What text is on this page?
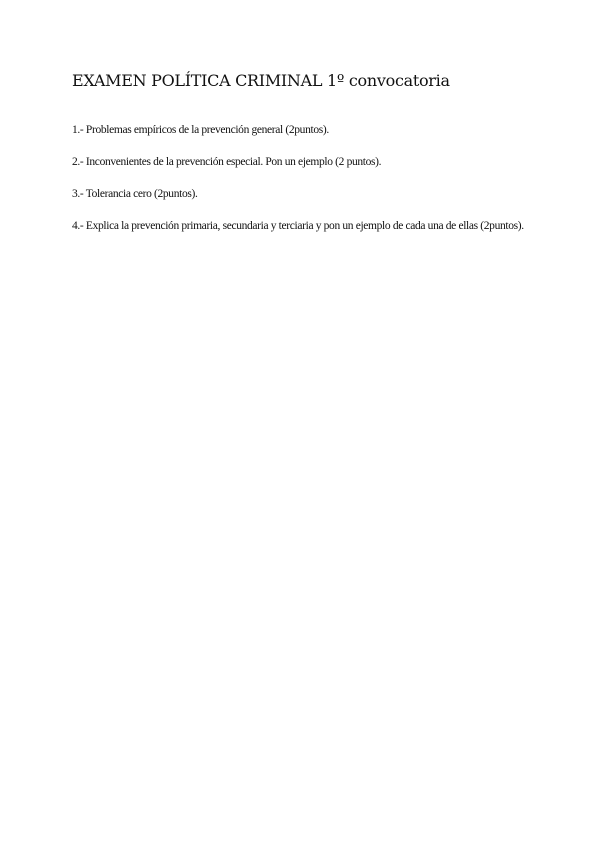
EXAMEN POLÍTICA CRIMINAL 1º convocatoria
1.- Problemas empíricos de la prevención general (2puntos).
2.- Inconvenientes de la prevención especial. Pon un ejemplo (2 puntos).
3.- Tolerancia cero (2puntos).
4.- Explica la prevención primaria, secundaria y terciaria y pon un ejemplo de cada una de ellas (2puntos).
